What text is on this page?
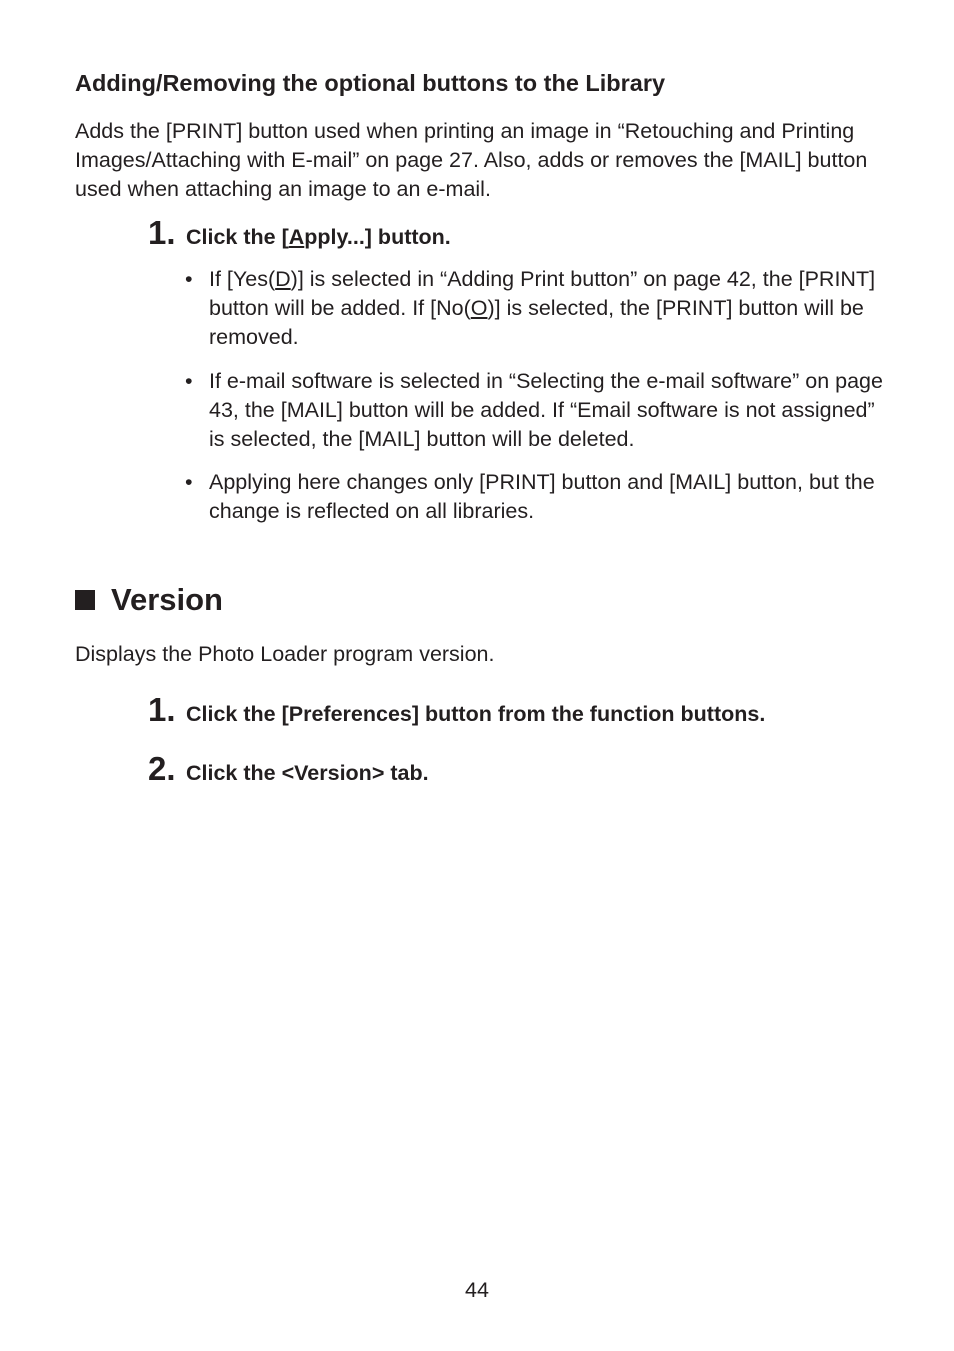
Adding/Removing the optional buttons to the Library

Adds the [PRINT] button used when printing an image in “Retouching and Printing Images/Attaching with E-mail” on page 27. Also, adds or removes the [MAIL] button used when attaching an image to an e-mail.

1. Click the [Apply...] button.
• If [Yes(D)] is selected in “Adding Print button” on page 42, the [PRINT] button will be added. If [No(O)] is selected, the [PRINT] button will be removed.
• If e-mail software is selected in “Selecting the e-mail software” on page 43, the [MAIL] button will be added. If “Email software is not assigned” is selected, the [MAIL] button will be deleted.
• Applying here changes only [PRINT] button and [MAIL] button, but the change is reflected on all libraries.
Version

Displays the Photo Loader program version.

1. Click the [Preferences] button from the function buttons.
2. Click the <Version> tab.
44
